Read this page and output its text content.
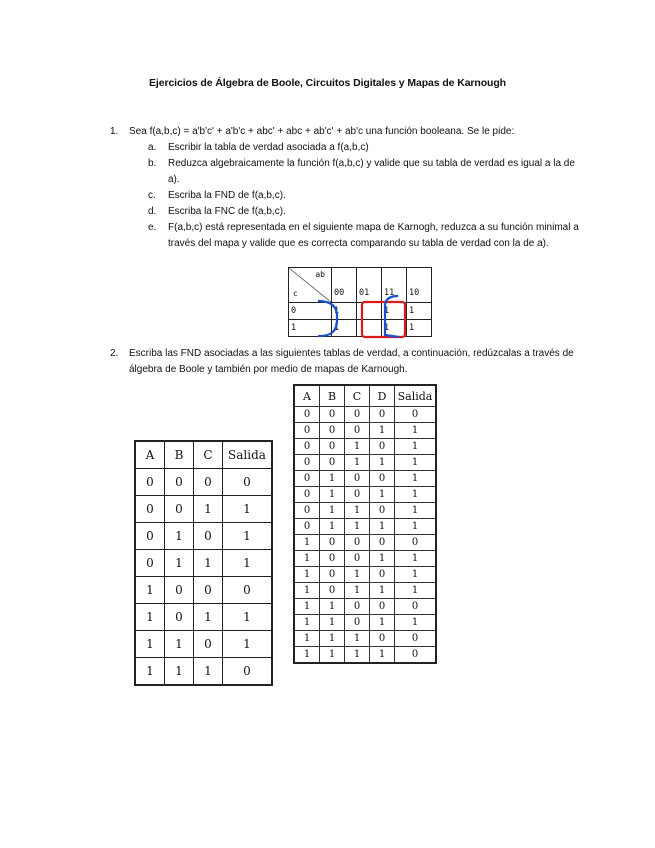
Ejercicios de Álgebra de Boole, Circuitos Digitales y Mapas de Karnough
1.	Sea f(a,b,c) = a'b'c' + a'b'c + abc' + abc + ab'c' + ab'c una función booleana. Se le pide:
a. Escribir la tabla de verdad asociada a f(a,b,c)
b. Reduzca algebraicamente la función f(a,b,c) y valide que su tabla de verdad es igual a la de a).
c. Escriba la FND de f(a,b,c).
d. Escriba la FNC de f(a,b,c).
e. F(a,b,c) está representada en el siguiente mapa de Karnogh, reduzca a su función minimal a través del mapa y valide que es correcta comparando su tabla de verdad con la de a).
ab
c	00	01	11	10
0	1		1	1
1	1		1	1
2.	Escriba las FND asociadas a las siguientes tablas de verdad, a continuación, redúzcalas a través de álgebra de Boole y también por medio de mapas de Karnough.
A	B	C	Salida
0	0	0	0
0	0	1	1
0	1	0	1
0	1	1	1
1	0	0	0
1	0	1	1
1	1	0	1
1	1	1	0
A	B	C	D	Salida
0	0	0	0	0
0	0	0	1	1
0	0	1	0	1
0	0	1	1	1
0	1	0	0	1
0	1	0	1	1
0	1	1	0	1
0	1	1	1	1
1	0	0	0	0
1	0	0	1	1
1	0	1	0	1
1	0	1	1	1
1	1	0	0	0
1	1	0	1	1
1	1	1	0	0
1	1	1	1	0
